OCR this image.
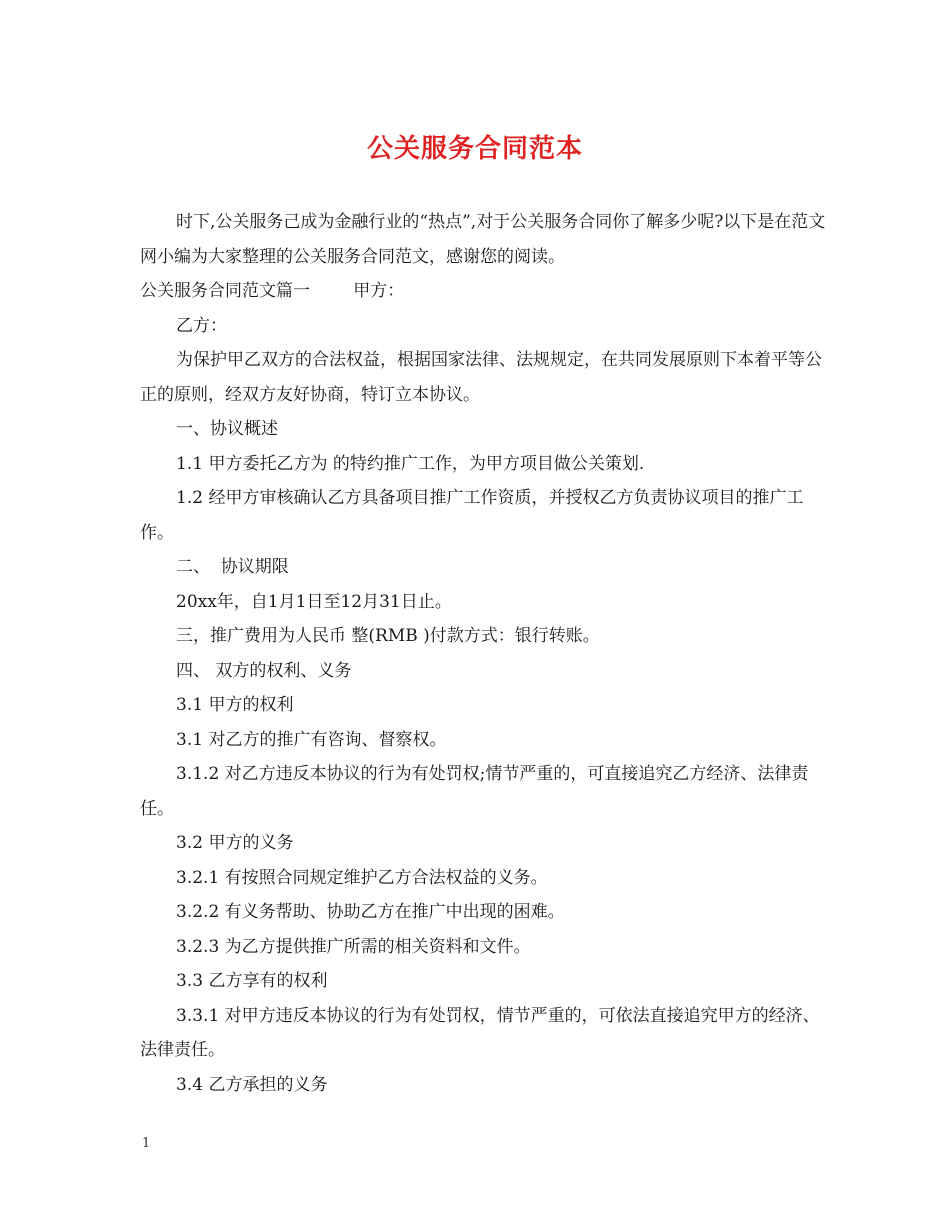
公关服务合同范本

时下,公关服务己成为金融行业的“热点”,对于公关服务合同你了解多少呢?以下是在范文网小编为大家整理的公关服务合同范文，感谢您的阅读。

公关服务合同范文篇一        甲方：

乙方：

为保护甲乙双方的合法权益，根据国家法律、法规规定，在共同发展原则下本着平等公正的原则，经双方友好协商，特订立本协议。

一、协议概述

1.1 甲方委托乙方为 的特约推广工作，为甲方项目做公关策划.

1.2 经甲方审核确认乙方具备项目推广工作资质，并授权乙方负责协议项目的推广工作。

二、  协议期限

20xx年，自1月1日至12月31日止。

三，推广费用为人民币 整(RMB )付款方式：银行转账。

四、 双方的权利、义务

3.1 甲方的权利

3.1 对乙方的推广有咨询、督察权。

3.1.2 对乙方违反本协议的行为有处罚权;情节严重的，可直接追究乙方经济、法律责任。

3.2 甲方的义务

3.2.1 有按照合同规定维护乙方合法权益的义务。

3.2.2 有义务帮助、协助乙方在推广中出现的困难。

3.2.3 为乙方提供推广所需的相关资料和文件。

3.3 乙方享有的权利

3.3.1 对甲方违反本协议的行为有处罚权，情节严重的，可依法直接追究甲方的经济、法律责任。

3.4 乙方承担的义务

1
